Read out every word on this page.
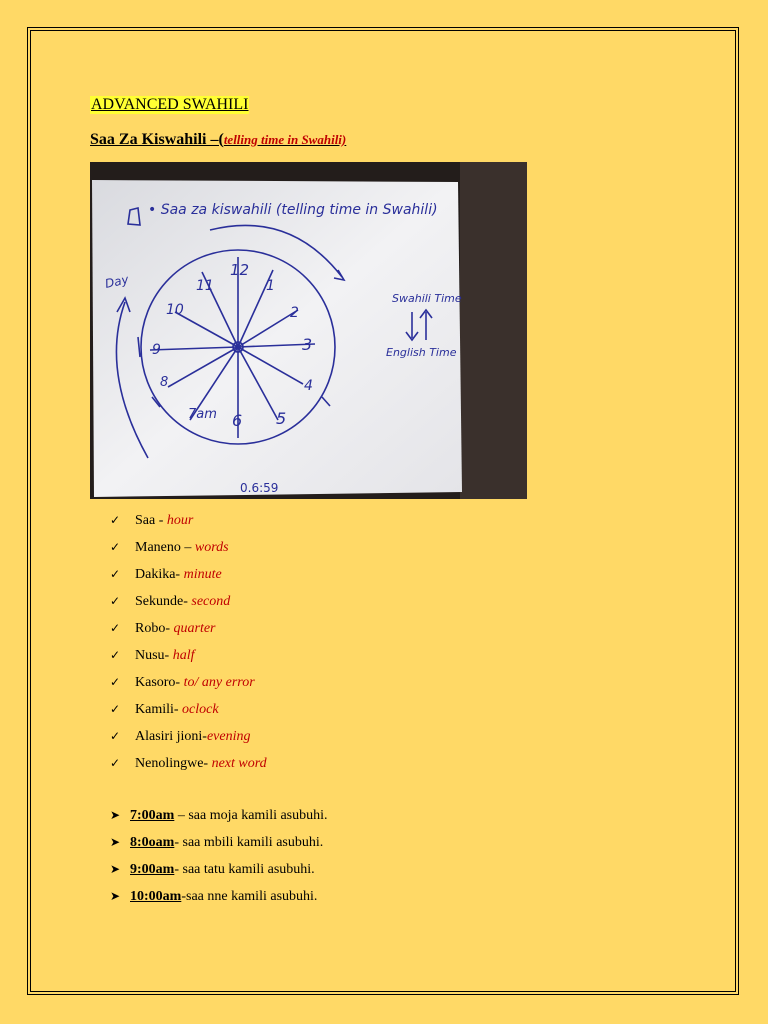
ADVANCED SWAHILI
Saa Za Kiswahili –(telling time in Swahili)
• Saa za kiswahili (telling time in Swahili)
12
1
2
3
4
5
6
7am
8
9
10
11
Day
Swahili Time
English Time
0.6:59
✓ Saa - hour
✓ Maneno – words
✓ Dakika- minute
✓ Sekunde- second
✓ Robo- quarter
✓ Nusu- half
✓ Kasoro- to/ any error
✓ Kamili- oclock
✓ Alasiri jioni-evening
✓ Nenolingwe- next word
➤ 7:00am – saa moja kamili asubuhi.
➤ 8:0oam- saa mbili kamili asubuhi.
➤ 9:00am- saa tatu kamili asubuhi.
➤ 10:00am-saa nne kamili asubuhi.
